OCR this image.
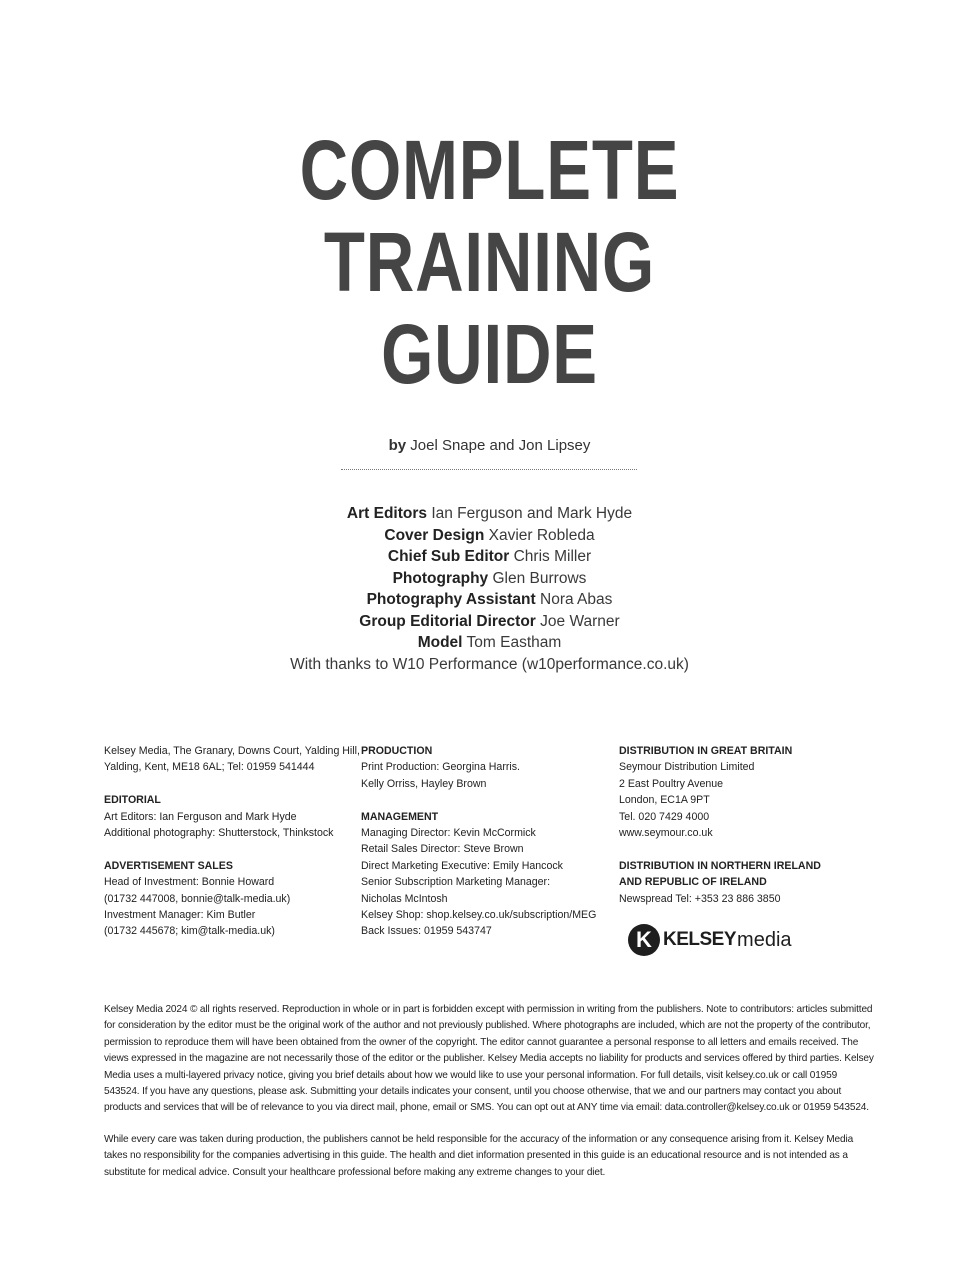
COMPLETE
TRAINING
GUIDE
by Joel Snape and Jon Lipsey
Art Editors Ian Ferguson and Mark Hyde
Cover Design Xavier Robleda
Chief Sub Editor Chris Miller
Photography Glen Burrows
Photography Assistant Nora Abas
Group Editorial Director Joe Warner
Model Tom Eastham
With thanks to W10 Performance (w10performance.co.uk)
Kelsey Media, The Granary, Downs Court, Yalding Hill,
Yalding, Kent, ME18 6AL; Tel: 01959 541444
EDITORIAL
Art Editors: Ian Ferguson and Mark Hyde
Additional photography: Shutterstock, Thinkstock
ADVERTISEMENT SALES
Head of Investment: Bonnie Howard
(01732 447008, bonnie@talk-media.uk)
Investment Manager: Kim Butler
(01732 445678; kim@talk-media.uk)
PRODUCTION
Print Production: Georgina Harris.
Kelly Orriss, Hayley Brown
MANAGEMENT
Managing Director: Kevin McCormick
Retail Sales Director: Steve Brown
Direct Marketing Executive: Emily Hancock
Senior Subscription Marketing Manager:
Nicholas McIntosh
Kelsey Shop: shop.kelsey.co.uk/subscription/MEG
Back Issues: 01959 543747
DISTRIBUTION IN GREAT BRITAIN
Seymour Distribution Limited
2 East Poultry Avenue
London, EC1A 9PT
Tel. 020 7429 4000
www.seymour.co.uk
DISTRIBUTION IN NORTHERN IRELAND
AND REPUBLIC OF IRELAND
Newspread Tel: +353 23 886 3850
K KELSEY media
Kelsey Media 2024 © all rights reserved. Reproduction in whole or in part is forbidden except with permission in writing from the publishers. Note to contributors: articles submitted for consideration by the editor must be the original work of the author and not previously published. Where photographs are included, which are not the property of the contributor, permission to reproduce them will have been obtained from the owner of the copyright. The editor cannot guarantee a personal response to all letters and emails received. The views expressed in the magazine are not necessarily those of the editor or the publisher. Kelsey Media accepts no liability for products and services offered by third parties. Kelsey Media uses a multi-layered privacy notice, giving you brief details about how we would like to use your personal information. For full details, visit kelsey.co.uk or call 01959 543524. If you have any questions, please ask. Submitting your details indicates your consent, until you choose otherwise, that we and our partners may contact you about products and services that will be of relevance to you via direct mail, phone, email or SMS. You can opt out at ANY time via email: data.controller@kelsey.co.uk or 01959 543524.
While every care was taken during production, the publishers cannot be held responsible for the accuracy of the information or any consequence arising from it. Kelsey Media takes no responsibility for the companies advertising in this guide. The health and diet information presented in this guide is an educational resource and is not intended as a substitute for medical advice. Consult your healthcare professional before making any extreme changes to your diet.
